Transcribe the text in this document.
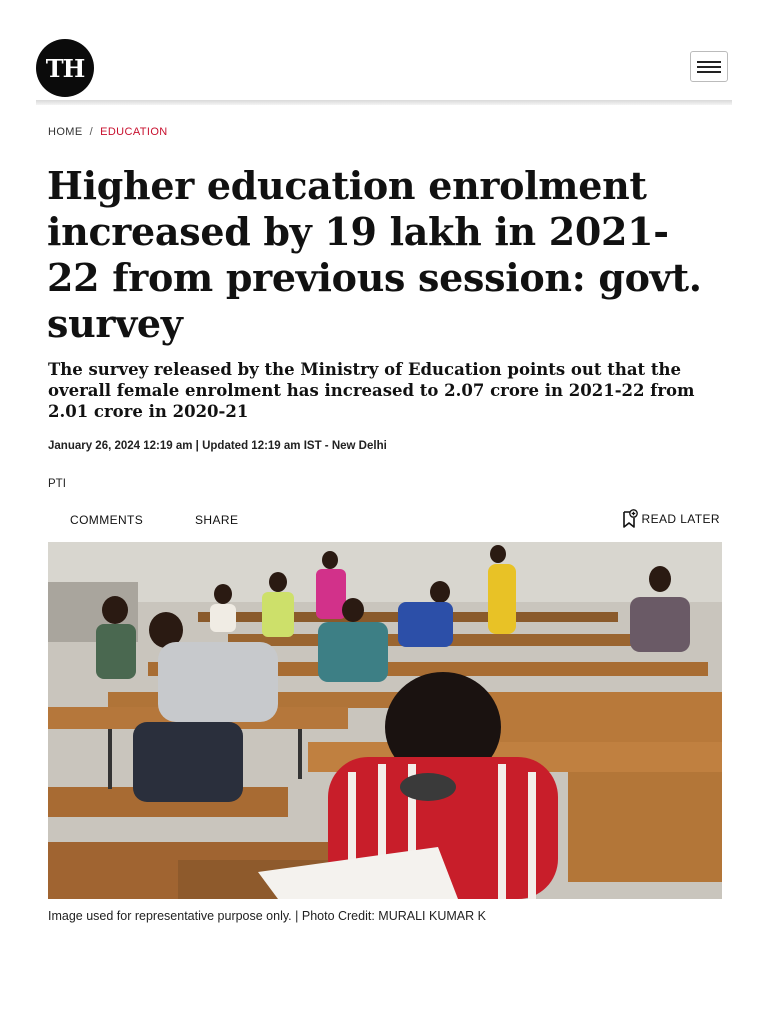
TH
HOME / EDUCATION
Higher education enrolment increased by 19 lakh in 2021-22 from previous session: govt. survey
The survey released by the Ministry of Education points out that the overall female enrolment has increased to 2.07 crore in 2021-22 from 2.01 crore in 2020-21
January 26, 2024 12:19 am | Updated 12:19 am IST - New Delhi
PTI
COMMENTS	SHARE	READ LATER
Image used for representative purpose only. | Photo Credit: MURALI KUMAR K
